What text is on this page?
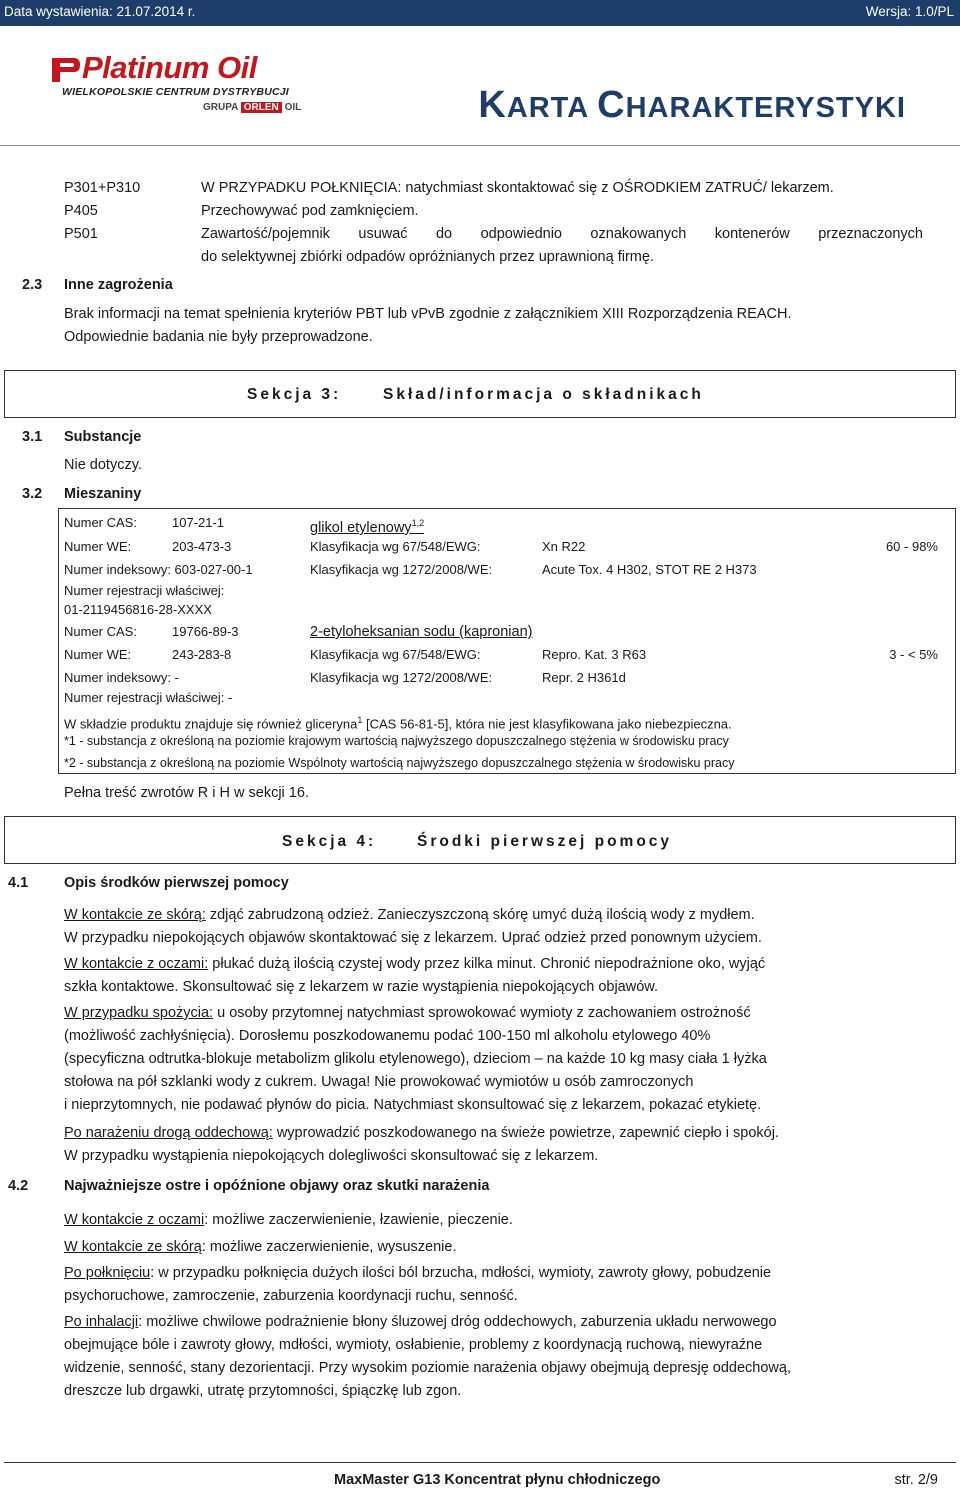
Data wystawienia: 21.07.2014 r.	Wersja: 1.0/PL
Platinum Oil
WIELKOPOLSKIE CENTRUM DYSTRYBUCJI
GRUPA ORLEN OIL	KARTA CHARAKTERYSTYKI
P301+P310	W PRZYPADKU POŁKNIĘCIA: natychmiast skontaktować się z OŚRODKIEM ZATRUĆ/ lekarzem.
P405	Przechowywać pod zamknięciem.
P501	Zawartość/pojemnik usuwać do odpowiednio oznakowanych kontenerów przeznaczonych
do selektywnej zbiórki odpadów opróżnianych przez uprawnioną firmę.
2.3 Inne zagrożenia
Brak informacji na temat spełnienia kryteriów PBT lub vPvB zgodnie z załącznikiem XIII Rozporządzenia REACH.
Odpowiednie badania nie były przeprowadzone.
Sekcja 3:	Skład/informacja o składnikach
3.1 Substancje
Nie dotyczy.
3.2 Mieszaniny
Numer CAS:	107-21-1	glikol etylenowy$^{1,2}$
Numer WE:	203-473-3	Klasyfikacja wg 67/548/EWG:	Xn R22	60 - 98%
Numer indeksowy: 603-027-00-1	Klasyfikacja wg 1272/2008/WE:	Acute Tox. 4 H302, STOT RE 2 H373
Numer rejestracji właściwej:
01-2119456816-28-XXXX
Numer CAS:	19766-89-3	2-etyloheksanian sodu (kapronian)
Numer WE:	243-283-8	Klasyfikacja wg 67/548/EWG:	Repro. Kat. 3 R63	3 - < 5%
Numer indeksowy: -	Klasyfikacja wg 1272/2008/WE:	Repr. 2 H361d
Numer rejestracji właściwej: -
W składzie produktu znajduje się również gliceryna$^1$ [CAS 56-81-5], która nie jest klasyfikowana jako niebezpieczna.
*1 - substancja z określoną na poziomie krajowym wartością najwyższego dopuszczalnego stężenia w środowisku pracy
*2 - substancja z określoną na poziomie Wspólnoty wartością najwyższego dopuszczalnego stężenia w środowisku pracy
Pełna treść zwrotów R i H w sekcji 16.
Sekcja 4:	Środki pierwszej pomocy
4.1 Opis środków pierwszej pomocy
W kontakcie ze skórą: zdjąć zabrudzoną odzież. Zanieczyszczoną skórę umyć dużą ilością wody z mydłem.
W przypadku niepokojących objawów skontaktować się z lekarzem. Uprać odzież przed ponownym użyciem.
W kontakcie z oczami: płukać dużą ilością czystej wody przez kilka minut. Chronić niepodrażnione oko, wyjąć
szkła kontaktowe. Skonsultować się z lekarzem w razie wystąpienia niepokojących objawów.
W przypadku spożycia: u osoby przytomnej natychmiast sprowokować wymioty z zachowaniem ostrożność
(możliwość zachłyśnięcia). Dorosłemu poszkodowanemu podać 100-150 ml alkoholu etylowego 40%
(specyficzna odtrutka-blokuje metabolizm glikolu etylenowego), dzieciom – na każde 10 kg masy ciała 1 łyżka
stołowa na pół szklanki wody z cukrem. Uwaga! Nie prowokować wymiotów u osób zamroczonych
i nieprzytomnych, nie podawać płynów do picia. Natychmiast skonsultować się z lekarzem, pokazać etykietę.
Po narażeniu drogą oddechową: wyprowadzić poszkodowanego na świeże powietrze, zapewnić ciepło i spokój.
W przypadku wystąpienia niepokojących dolegliwości skonsultować się z lekarzem.
4.2 Najważniejsze ostre i opóźnione objawy oraz skutki narażenia
W kontakcie z oczami: możliwe zaczerwienienie, łzawienie, pieczenie.
W kontakcie ze skórą: możliwe zaczerwienienie, wysuszenie.
Po połknięciu: w przypadku połknięcia dużych ilości ból brzucha, mdłości, wymioty, zawroty głowy, pobudzenie
psychoruchowe, zamroczenie, zaburzenia koordynacji ruchu, senność.
Po inhalacji: możliwe chwilowe podrażnienie błony śluzowej dróg oddechowych, zaburzenia układu nerwowego
obejmujące bóle i zawroty głowy, mdłości, wymioty, osłabienie, problemy z koordynacją ruchową, niewyraźne
widzenie, senność, stany dezorientacji. Przy wysokim poziomie narażenia objawy obejmują depresję oddechową,
dreszcze lub drgawki, utratę przytomności, śpiączkę lub zgon.
MaxMaster G13 Koncentrat płynu chłodniczego	str. 2/9
